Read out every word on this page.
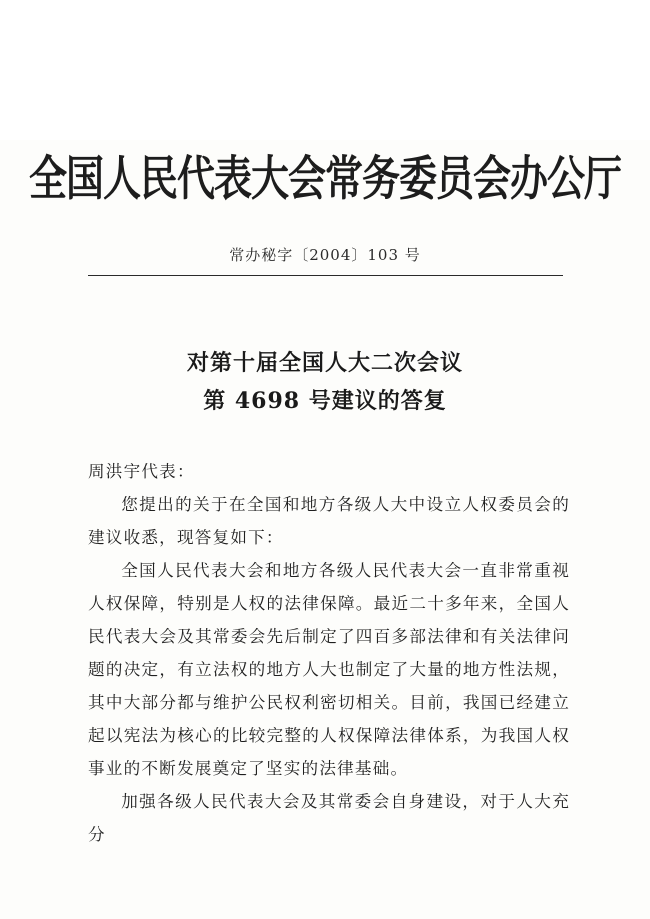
全国人民代表大会常务委员会办公厅
常办秘字〔2004〕103 号
对第十届全国人大二次会议
第 4698 号建议的答复

周洪宇代表：

您提出的关于在全国和地方各级人大中设立人权委员会的建议收悉，现答复如下：

全国人民代表大会和地方各级人民代表大会一直非常重视人权保障，特别是人权的法律保障。最近二十多年来，全国人民代表大会及其常委会先后制定了四百多部法律和有关法律问题的决定，有立法权的地方人大也制定了大量的地方性法规，其中大部分都与维护公民权利密切相关。目前，我国已经建立起以宪法为核心的比较完整的人权保障法律体系，为我国人权事业的不断发展奠定了坚实的法律基础。

加强各级人民代表大会及其常委会自身建设，对于人大充分
